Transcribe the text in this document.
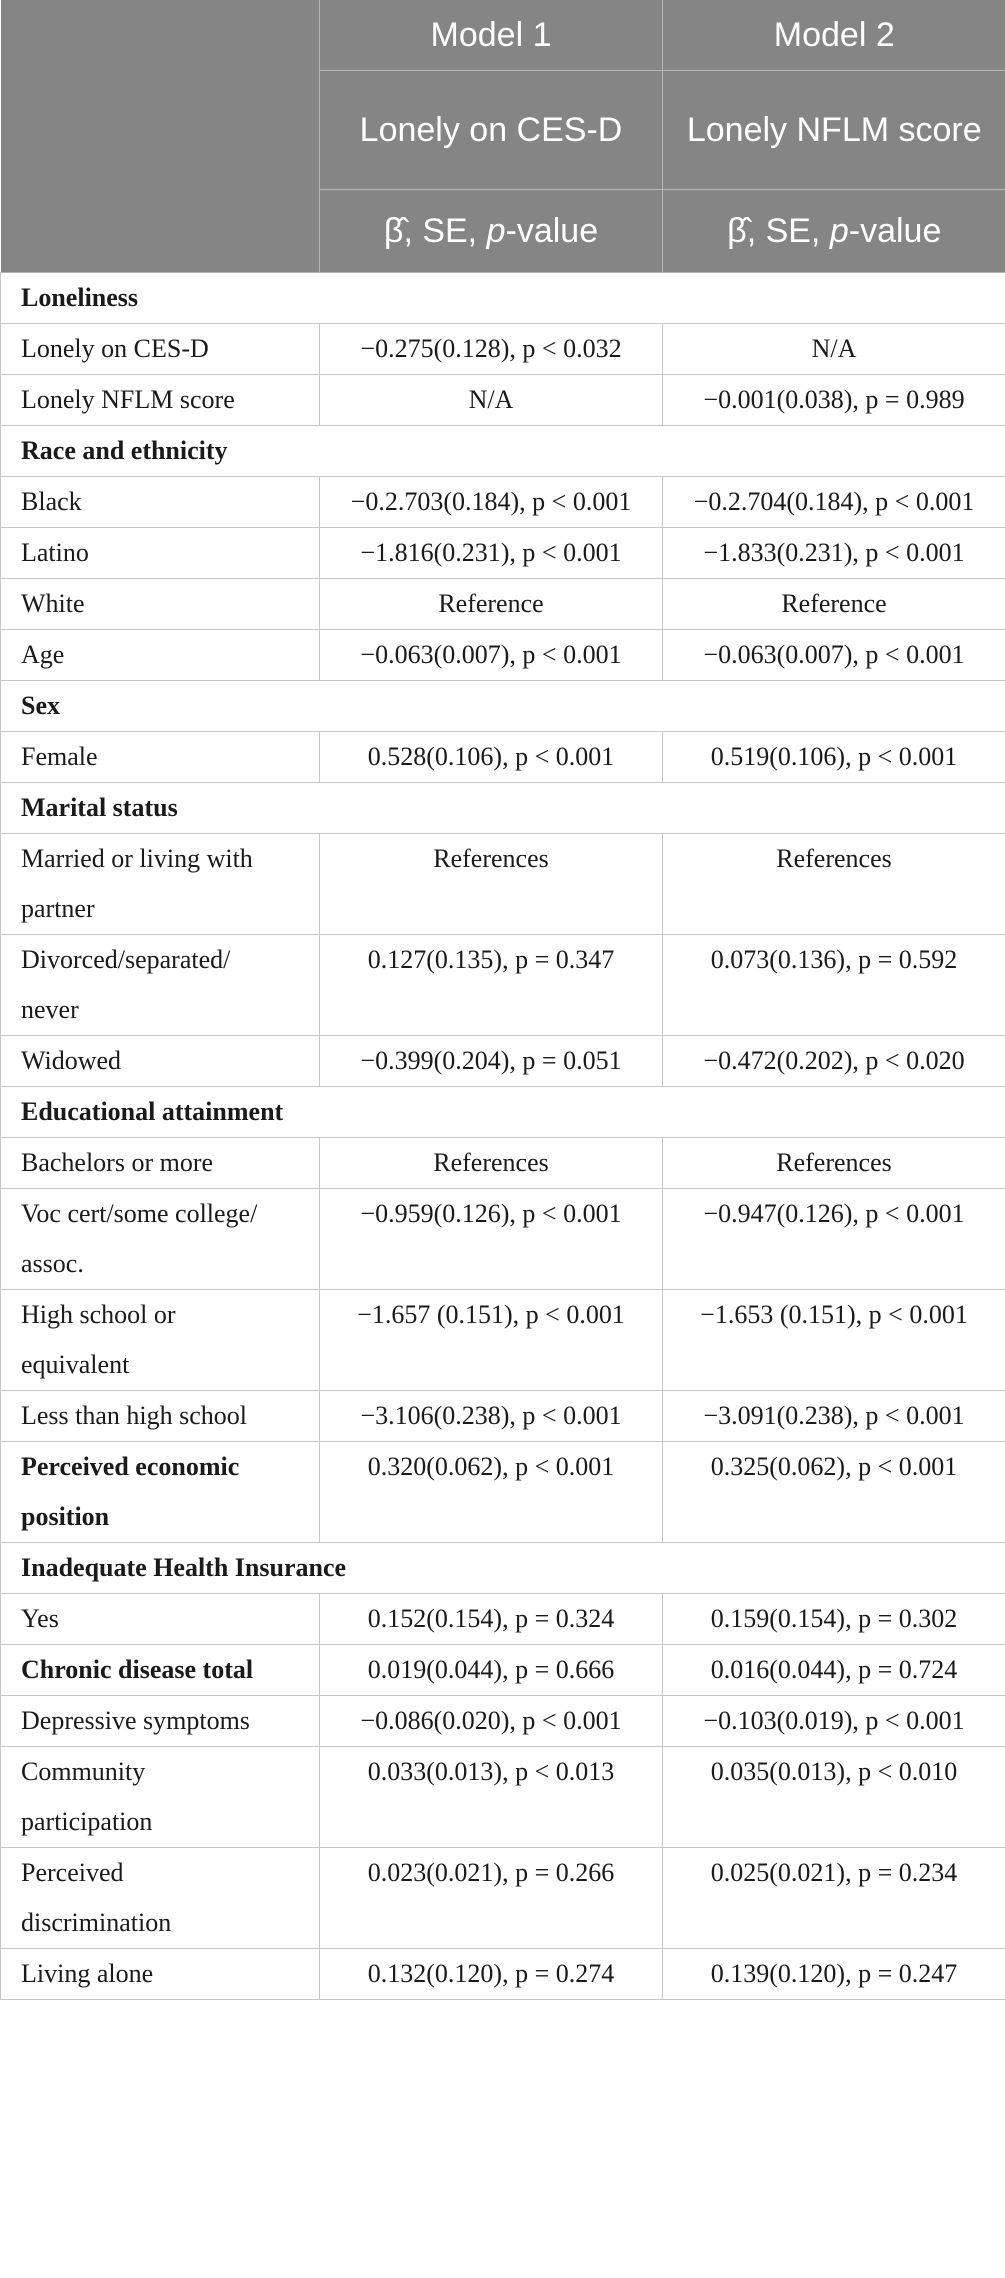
	Model 1	Model 2
	Lonely on CES-D	Lonely NFLM score
	β̂, SE, p-value	β̂, SE, p-value
Loneliness		
Lonely on CES-D	−0.275(0.128), p < 0.032	N/A
Lonely NFLM score	N/A	−0.001(0.038), p = 0.989
Race and ethnicity		
Black	−0.2.703(0.184), p < 0.001	−0.2.704(0.184), p < 0.001
Latino	−1.816(0.231), p < 0.001	−1.833(0.231), p < 0.001
White	Reference	Reference
Age	−0.063(0.007), p < 0.001	−0.063(0.007), p < 0.001
Sex		
Female	0.528(0.106), p < 0.001	0.519(0.106), p < 0.001
Marital status		

Married or living with
partner	References	References

Divorced/separated/
never	0.127(0.135), p = 0.347	0.073(0.136), p = 0.592
Widowed	−0.399(0.204), p = 0.051	−0.472(0.202), p < 0.020
Educational attainment		
Bachelors or more	References	References

Voc cert/some college/
assoc.	−0.959(0.126), p < 0.001	−0.947(0.126), p < 0.001

High school or
equivalent	−1.657 (0.151), p < 0.001	−1.653 (0.151), p < 0.001
Less than high school	−3.106(0.238), p < 0.001	−3.091(0.238), p < 0.001

Perceived economic
position	0.320(0.062), p < 0.001	0.325(0.062), p < 0.001
Inadequate Health Insurance		
Yes	0.152(0.154), p = 0.324	0.159(0.154), p = 0.302
Chronic disease total	0.019(0.044), p = 0.666	0.016(0.044), p = 0.724
Depressive symptoms	−0.086(0.020), p < 0.001	−0.103(0.019), p < 0.001

Community
participation	0.033(0.013), p < 0.013	0.035(0.013), p < 0.010

Perceived
discrimination	0.023(0.021), p = 0.266	0.025(0.021), p = 0.234
Living alone	0.132(0.120), p = 0.274	0.139(0.120), p = 0.247
